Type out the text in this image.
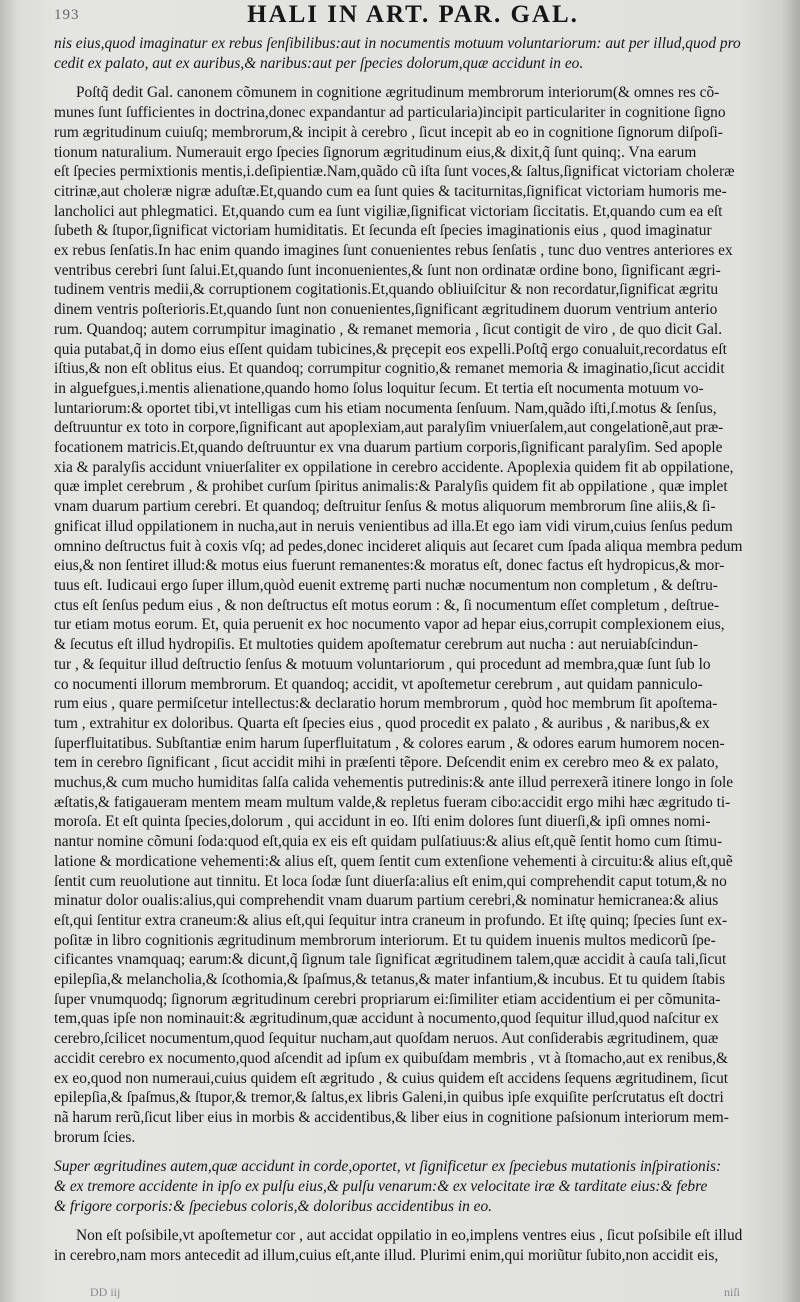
193	HALI IN ART. PAR. GAL.
nis eius,quod imaginatur ex rebus ſenſibilibus:aut in nocumentis motuum voluntariorum: aut per illud,quod pro
cedit ex palato, aut ex auribus,& naribus:aut per ſpecies dolorum,quæ accidunt in eo.
Poſtq̃ dedit Gal. canonem cõmunem in cognitione ægritudinum membrorum interiorum(& omnes res cõ-
munes ſunt ſufficientes in doctrina,donec expandantur ad particularia)incipit particulariter in cognitione ſigno
rum ægritudinum cuiuſq; membrorum,& incipit à cerebro , ſicut incepit ab eo in cognitione ſignorum diſpoſi-
tionum naturalium. Numerauit ergo ſpecies ſignorum ægritudinum eius,& dixit,q̃ ſunt quinq;. Vna earum
eſt ſpecies permixtionis mentis,i.deſipientiæ.Nam,quãdo cũ iſta ſunt voces,& ſaltus,ſignificat victoriam choleræ
citrinæ,aut choleræ nigræ aduſtæ.Et,quando cum ea ſunt quies & taciturnitas,ſignificat victoriam humoris me-
lancholici aut phlegmatici. Et,quando cum ea ſunt vigiliæ,ſignificat victoriam ſiccitatis. Et,quando cum ea eſt
ſubeth & ſtupor,ſignificat victoriam humiditatis. Et ſecunda eſt ſpecies imaginationis eius , quod imaginatur
ex rebus ſenſatis.In hac enim quando imagines ſunt conuenientes rebus ſenſatis , tunc duo ventres anteriores ex
ventribus cerebri ſunt ſalui.Et,quando ſunt inconuenientes,& ſunt non ordinatæ ordine bono, ſignificant ægri-
tudinem ventris medii,& corruptionem cogitationis.Et,quando obliuiſcitur & non recordatur,ſignificat ægritu
dinem ventris poſterioris.Et,quando ſunt non conuenientes,ſignificant ægritudinem duorum ventrium anterio
rum. Quandoq; autem corrumpitur imaginatio , & remanet memoria , ſicut contigit de viro , de quo dicit Gal.
quia putabat,q̃ in domo eius eſſent quidam tubicines,& pręcepit eos expelli.Poſtq̃ ergo conualuit,recordatus eſt
iſtius,& non eſt oblitus eius. Et quandoq; corrumpitur cognitio,& remanet memoria & imaginatio,ſicut accidit
in alguefgues,i.mentis alienatione,quando homo ſolus loquitur ſecum. Et tertia eſt nocumenta motuum vo-
luntariorum:& oportet tibi,vt intelligas cum his etiam nocumenta ſenſuum. Nam,quãdo iſti,ſ.motus & ſenſus,
deſtruuntur ex toto in corpore,ſignificant aut apoplexiam,aut paralyſim vniuerſalem,aut congelationẽ,aut præ-
focationem matricis.Et,quando deſtruuntur ex vna duarum partium corporis,ſignificant paralyſim. Sed apople
xia & paralyſis accidunt vniuerſaliter ex oppilatione in cerebro accidente. Apoplexia quidem fit ab oppilatione,
quæ implet cerebrum , & prohibet curſum ſpiritus animalis:& Paralyſis quidem fit ab oppilatione , quæ implet
vnam duarum partium cerebri. Et quandoq; deſtruitur ſenſus & motus aliquorum membrorum ſine aliis,& ſi-
gnificat illud oppilationem in nucha,aut in neruis venientibus ad illa.Et ego iam vidi virum,cuius ſenſus pedum
omnino deſtructus fuit à coxis vſq; ad pedes,donec incideret aliquis aut ſecaret cum ſpada aliqua membra pedum
eius,& non ſentiret illud:& motus eius fuerunt remanentes:& moratus eſt, donec factus eſt hydropicus,& mor-
tuus eſt. Iudicaui ergo ſuper illum,quòd euenit extremę parti nuchæ nocumentum non completum , & deſtru-
ctus eſt ſenſus pedum eius , & non deſtructus eſt motus eorum : &, ſi nocumentum eſſet completum , deſtrue-
tur etiam motus eorum. Et, quia peruenit ex hoc nocumento vapor ad hepar eius,corrupit complexionem eius,
& ſecutus eſt illud hydropiſis. Et multoties quidem apoſtematur cerebrum aut nucha : aut neruiabſcindun-
tur , & ſequitur illud deſtructio ſenſus & motuum voluntariorum , qui procedunt ad membra,quæ ſunt ſub lo
co nocumenti illorum membrorum. Et quandoq; accidit, vt apoſtemetur cerebrum , aut quidam panniculo-
rum eius , quare permiſcetur intellectus:& declaratio horum membrorum , quòd hoc membrum ſit apoſtema-
tum , extrahitur ex doloribus. Quarta eſt ſpecies eius , quod procedit ex palato , & auribus , & naribus,& ex
ſuperfluitatibus. Subſtantiæ enim harum ſuperfluitatum , & colores earum , & odores earum humorem nocen-
tem in cerebro ſignificant , ſicut accidit mihi in præſenti tẽpore. Deſcendit enim ex cerebro meo & ex palato,
muchus,& cum mucho humiditas ſalſa calida vehementis putredinis:& ante illud perrexerã itinere longo in ſole
æſtatis,& fatigaueram mentem meam multum valde,& repletus fueram cibo:accidit ergo mihi hæc ægritudo ti-
moroſa. Et eſt quinta ſpecies,dolorum , qui accidunt in eo. Iſti enim dolores ſunt diuerſi,& ipſi omnes nomi-
nantur nomine cõmuni ſoda:quod eſt,quia ex eis eſt quidam pulſatiuus:& alius eſt,quẽ ſentit homo cum ſtimu-
latione & mordicatione vehementi:& alius eſt, quem ſentit cum extenſione vehementi à circuitu:& alius eſt,quẽ
ſentit cum reuolutione aut tinnitu. Et loca ſodæ ſunt diuerſa:alius eſt enim,qui comprehendit caput totum,& no
minatur dolor oualis:alius,qui comprehendit vnam duarum partium cerebri,& nominatur hemicranea:& alius
eſt,qui ſentitur extra craneum:& alius eſt,qui ſequitur intra craneum in profundo. Et iſtę quinq; ſpecies ſunt ex-
poſitæ in libro cognitionis ægritudinum membrorum interiorum. Et tu quidem inuenis multos medicorũ ſpe-
cificantes vnamquaq; earum:& dicunt,q̃ ſignum tale ſignificat ægritudinem talem,quæ accidit à cauſa tali,ſicut
epilepſia,& melancholia,& ſcothomia,& ſpaſmus,& tetanus,& mater infantium,& incubus. Et tu quidem ſtabis
ſuper vnumquodq; ſignorum ægritudinum cerebri propriarum ei:ſimiliter etiam accidentium ei per cõmunita-
tem,quas ipſe non nominauit:& ægritudinum,quæ accidunt à nocumento,quod ſequitur illud,quod naſcitur ex
cerebro,ſcilicet nocumentum,quod ſequitur nucham,aut quoſdam neruos. Aut conſiderabis ægritudinem, quæ
accidit cerebro ex nocumento,quod aſcendit ad ipſum ex quibuſdam membris , vt à ſtomacho,aut ex renibus,&
ex eo,quod non numeraui,cuius quidem eſt ægritudo , & cuius quidem eſt accidens ſequens ægritudinem, ſicut
epilepſia,& ſpaſmus,& ſtupor,& tremor,& ſaltus,ex libris Galeni,in quibus ipſe exquiſite perſcrutatus eſt doctri
nã harum rerũ,ſicut liber eius in morbis & accidentibus,& liber eius in cognitione paſsionum interiorum mem-
brorum ſcies.
Super ægritudines autem,quæ accidunt in corde,oportet, vt ſignificetur ex ſpeciebus mutationis inſpirationis:
& ex tremore accidente in ipſo ex pulſu eius,& pulſu venarum:& ex velocitate iræ & tarditate eius:& febre
& frigore corporis:& ſpeciebus coloris,& doloribus accidentibus in eo.
Non eſt poſsibile,vt apoſtemetur cor , aut accidat oppilatio in eo,implens ventres eius , ſicut poſsibile eſt illud
in cerebro,nam mors antecedit ad illum,cuius eſt,ante illud. Plurimi enim,qui moriũtur ſubito,non accidit eis,
DD iij	niſi
